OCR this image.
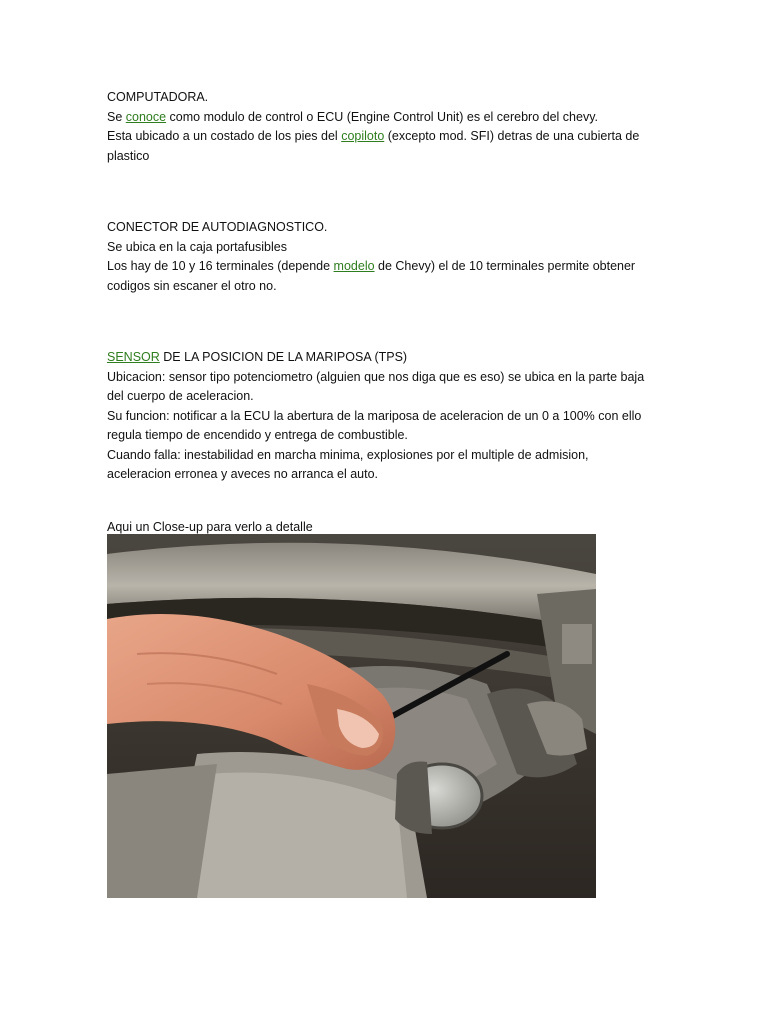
COMPUTADORA.

Se conoce como modulo de control o ECU (Engine Control Unit) es el cerebro del chevy.

Esta ubicado a un costado de los pies del copiloto (excepto mod. SFI) detras de una cubierta de plastico

CONECTOR DE AUTODIAGNOSTICO.

Se ubica en la caja portafusibles

Los hay de 10 y 16 terminales (depende modelo de Chevy) el de 10 terminales permite obtener codigos sin escaner el otro no.

SENSOR DE LA POSICION DE LA MARIPOSA (TPS)

Ubicacion: sensor tipo potenciometro (alguien que nos diga que es eso) se ubica en la parte baja del cuerpo de aceleracion.

Su funcion: notificar a la ECU la abertura de la mariposa de aceleracion de un 0 a 100% con ello regula tiempo de encendido y entrega de combustible.

Cuando falla: inestabilidad en marcha minima, explosiones por el multiple de admision, aceleracion erronea y aveces no arranca el auto.

Aqui un Close-up para verlo a detalle
